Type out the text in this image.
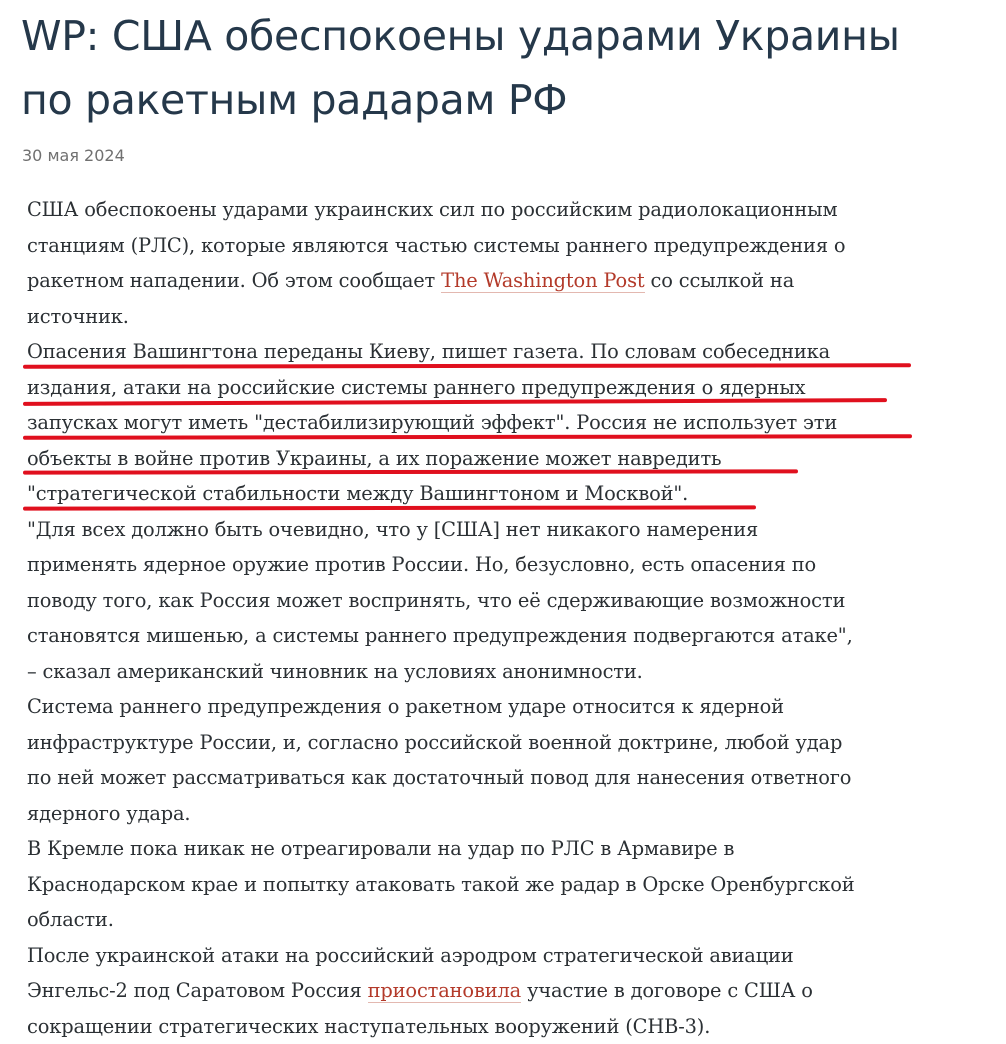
WP: США обеспокоены ударами Украины
по ракетным радарам РФ
30 мая 2024

США обеспокоены ударами украинских сил по российским радиолокационным
станциям (РЛС), которые являются частью системы раннего предупреждения о
ракетном нападении. Об этом сообщает The Washington Post со ссылкой на
источник.

Опасения Вашингтона переданы Киеву, пишет газета. По словам собеседника
издания, атаки на российские системы раннего предупреждения о ядерных
запусках могут иметь "дестабилизирующий эффект". Россия не использует эти
объекты в войне против Украины, а их поражение может навредить
"стратегической стабильности между Вашингтоном и Москвой".

"Для всех должно быть очевидно, что у [США] нет никакого намерения
применять ядерное оружие против России. Но, безусловно, есть опасения по
поводу того, как Россия может воспринять, что её сдерживающие возможности
становятся мишенью, а системы раннего предупреждения подвергаются атаке",
– сказал американский чиновник на условиях анонимности.

Система раннего предупреждения о ракетном ударе относится к ядерной
инфраструктуре России, и, согласно российской военной доктрине, любой удар
по ней может рассматриваться как достаточный повод для нанесения ответного
ядерного удара.

В Кремле пока никак не отреагировали на удар по РЛС в Армавире в
Краснодарском крае и попытку атаковать такой же радар в Орске Оренбургской
области.

После украинской атаки на российский аэродром стратегической авиации
Энгельс-2 под Саратовом Россия приостановила участие в договоре с США о
сокращении стратегических наступательных вооружений (СНВ-3).
